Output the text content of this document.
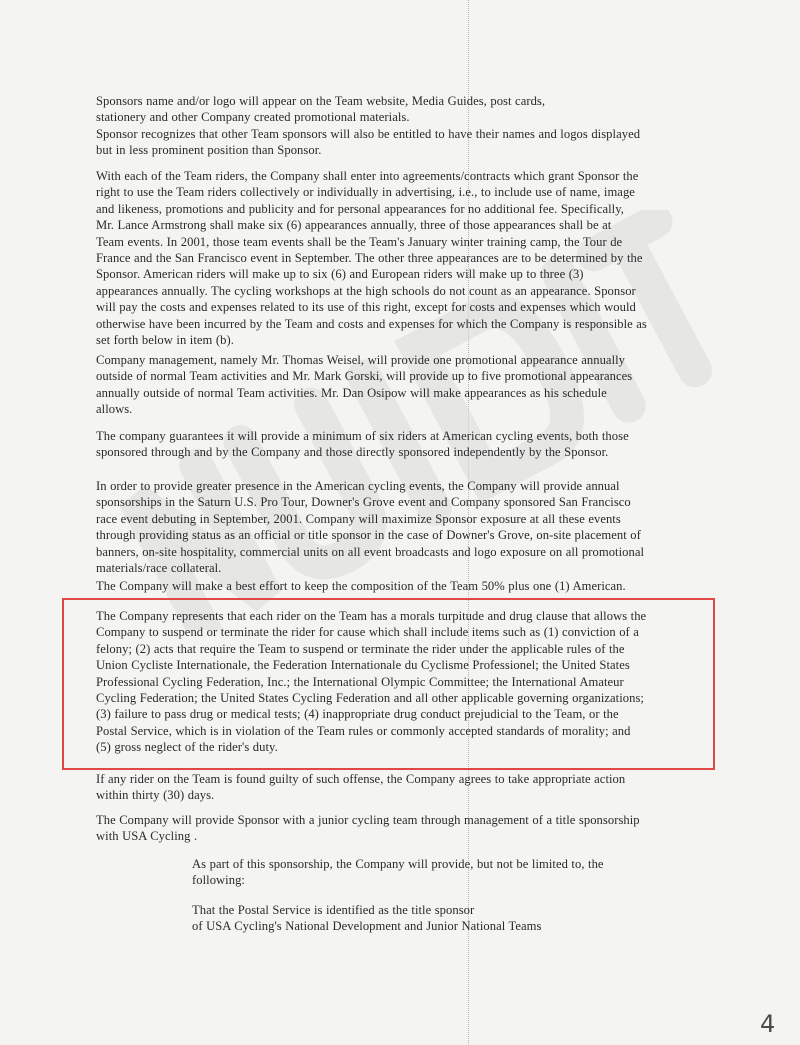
Sponsors name and/or logo will appear on the Team website, Media Guides, post cards,
stationery and other Company created promotional materials.
Sponsor recognizes that other Team sponsors will also be entitled to have their names and logos displayed
but in less prominent position than Sponsor.

With each of the Team riders, the Company shall enter into agreements/contracts which grant Sponsor the
right to use the Team riders collectively or individually in advertising, i.e., to include use of name, image
and likeness, promotions and publicity and for personal appearances for no additional fee. Specifically,
Mr. Lance Armstrong shall make six (6) appearances annually, three of those appearances shall be at
Team events. In 2001, those team events shall be the Team's January winter training camp, the Tour de
France and the San Francisco event in September. The other three appearances are to be determined by the
Sponsor. American riders will make up to six (6) and European riders will make up to three (3)
appearances annually. The cycling workshops at the high schools do not count as an appearance. Sponsor
will pay the costs and expenses related to its use of this right, except for costs and expenses which would
otherwise have been incurred by the Team and costs and expenses for which the Company is responsible as
set forth below in item (b).

Company management, namely Mr. Thomas Weisel, will provide one promotional appearance annually
outside of normal Team activities and Mr. Mark Gorski, will provide up to five promotional appearances
annually outside of normal Team activities. Mr. Dan Osipow will make appearances as his schedule
allows.

The company guarantees it will provide a minimum of six riders at American cycling events, both those
sponsored through and by the Company and those directly sponsored independently by the Sponsor.

In order to provide greater presence in the American cycling events, the Company will provide annual
sponsorships in the Saturn U.S. Pro Tour, Downer's Grove event and Company sponsored San Francisco
race event debuting in September, 2001. Company will maximize Sponsor exposure at all these events
through providing status as an official or title sponsor in the case of Downer's Grove, on-site placement of
banners, on-site hospitality, commercial units on all event broadcasts and logo exposure on all promotional
materials/race collateral.

The Company will make a best effort to keep the composition of the Team 50% plus one (1) American.

The Company represents that each rider on the Team has a morals turpitude and drug clause that allows the
Company to suspend or terminate the rider for cause which shall include items such as (1) conviction of a
felony; (2) acts that require the Team to suspend or terminate the rider under the applicable rules of the
Union Cycliste Internationale, the Federation Internationale du Cyclisme Professionel; the United States
Professional Cycling Federation, Inc.; the International Olympic Committee; the International Amateur
Cycling Federation; the United States Cycling Federation and all other applicable governing organizations;
(3) failure to pass drug or medical tests; (4) inappropriate drug conduct prejudicial to the Team, or the
Postal Service, which is in violation of the Team rules or commonly accepted standards of morality; and
(5) gross neglect of the rider's duty.

If any rider on the Team is found guilty of such offense, the Company agrees to take appropriate action
within thirty (30) days.

The Company will provide Sponsor with a junior cycling team through management of a title sponsorship
with USA Cycling .

As part of this sponsorship, the Company will provide, but not be limited to, the
following:

That the Postal Service is identified as the title sponsor
of USA Cycling's National Development and Junior National Teams

4
